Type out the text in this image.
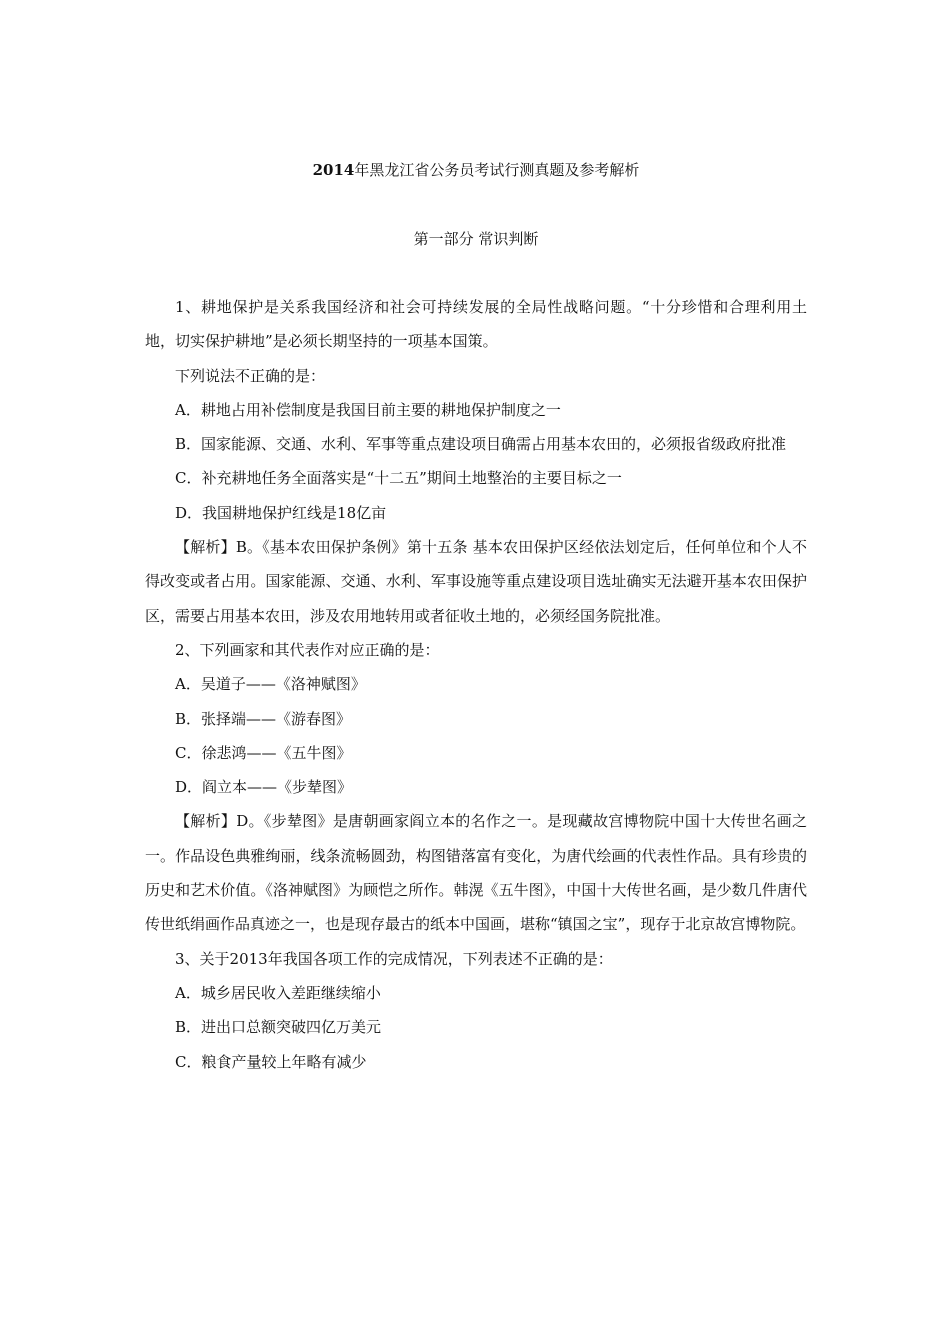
2014年黑龙江省公务员考试行测真题及参考解析
第一部分 常识判断

1、耕地保护是关系我国经济和社会可持续发展的全局性战略问题。“十分珍惜和合理利用土地，切实保护耕地”是必须长期坚持的一项基本国策。

下列说法不正确的是：

A．耕地占用补偿制度是我国目前主要的耕地保护制度之一

B．国家能源、交通、水利、军事等重点建设项目确需占用基本农田的，必须报省级政府批准

C．补充耕地任务全面落实是“十二五”期间土地整治的主要目标之一

D．我国耕地保护红线是18亿亩

【解析】B。《基本农田保护条例》第十五条 基本农田保护区经依法划定后，任何单位和个人不得改变或者占用。国家能源、交通、水利、军事设施等重点建设项目选址确实无法避开基本农田保护区，需要占用基本农田，涉及农用地转用或者征收土地的，必须经国务院批准。

2、下列画家和其代表作对应正确的是：

A．吴道子——《洛神赋图》

B．张择端——《游春图》

C．徐悲鸿——《五牛图》

D．阎立本——《步辇图》

【解析】D。《步辇图》是唐朝画家阎立本的名作之一。是现藏故宫博物院中国十大传世名画之一。作品设色典雅绚丽，线条流畅圆劲，构图错落富有变化，为唐代绘画的代表性作品。具有珍贵的历史和艺术价值。《洛神赋图》为顾恺之所作。韩滉《五牛图》，中国十大传世名画，是少数几件唐代传世纸绢画作品真迹之一，也是现存最古的纸本中国画，堪称“镇国之宝”，现存于北京故宫博物院。

3、关于2013年我国各项工作的完成情况，下列表述不正确的是：

A．城乡居民收入差距继续缩小

B．进出口总额突破四亿万美元

C．粮食产量较上年略有减少
